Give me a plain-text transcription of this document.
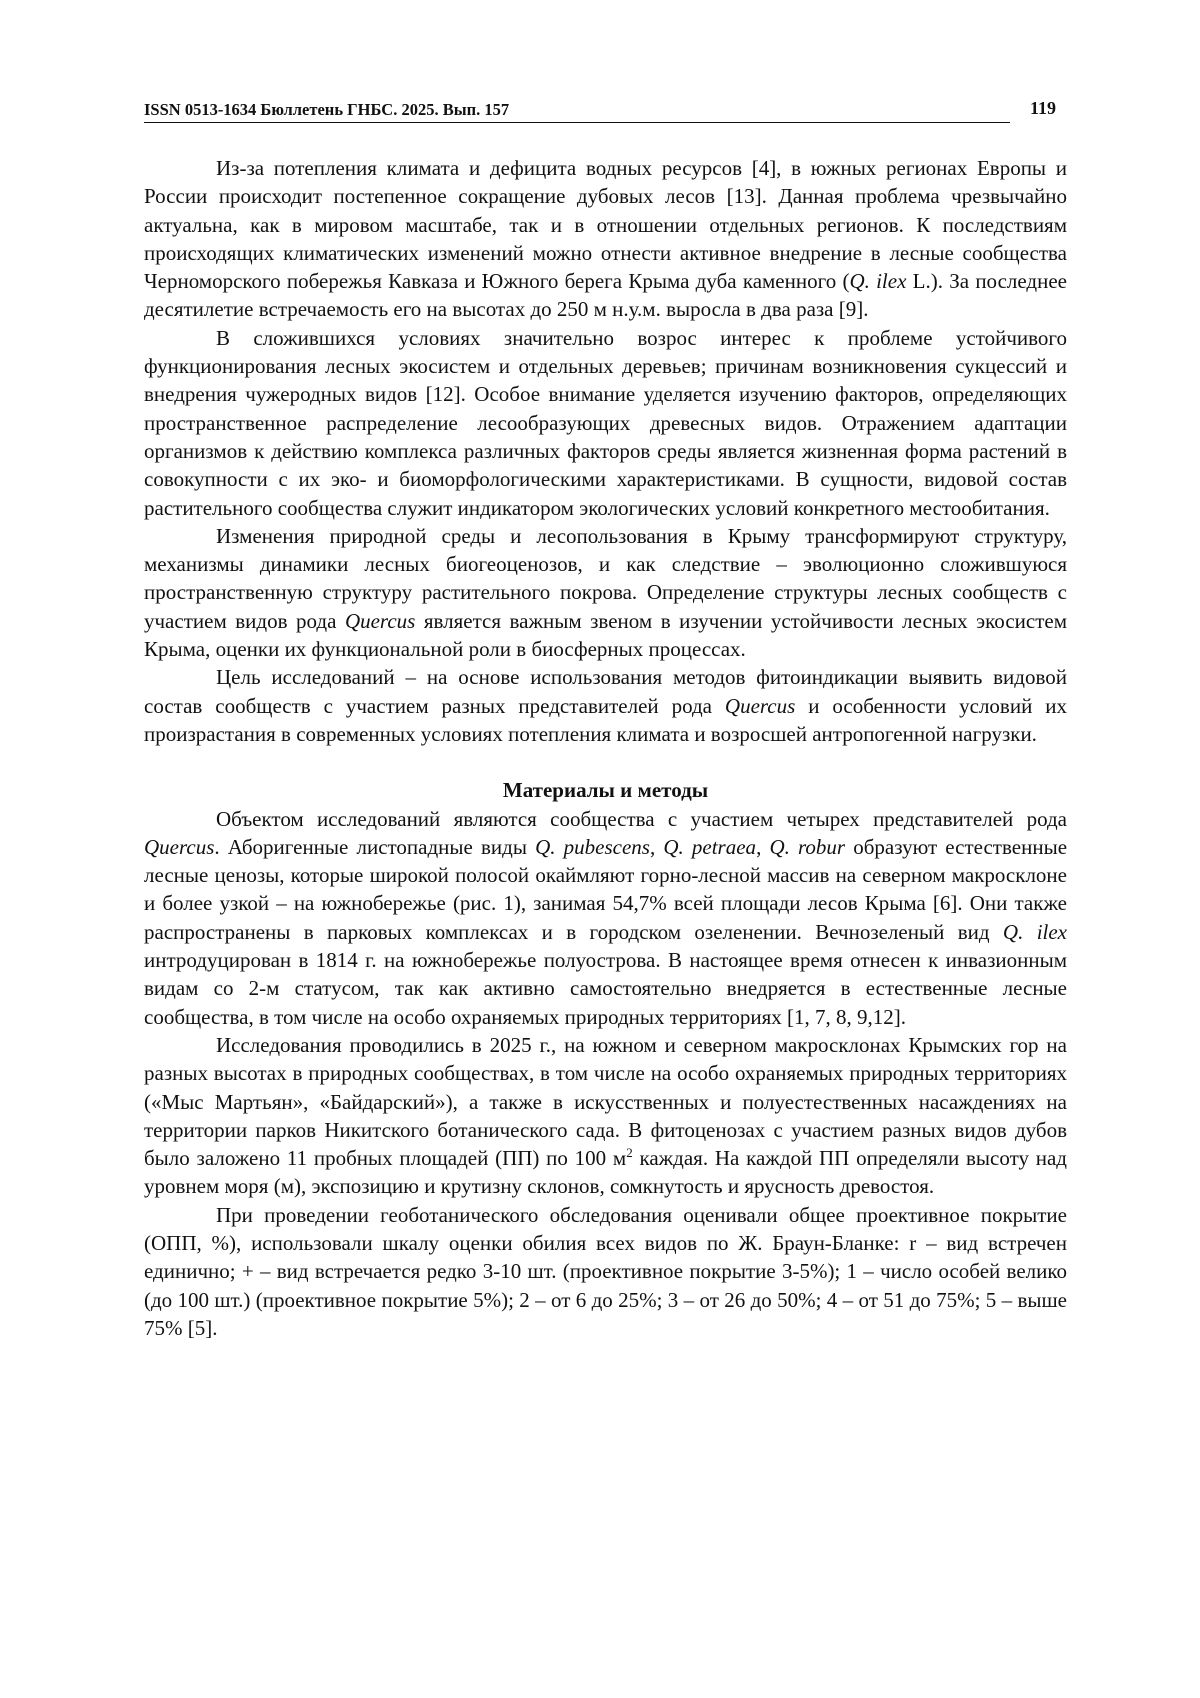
ISSN 0513-1634 Бюллетень ГНБС. 2025. Вып. 157	119

Из-за потепления климата и дефицита водных ресурсов [4], в южных регионах Европы и России происходит постепенное сокращение дубовых лесов [13]. Данная проблема чрезвычайно актуальна, как в мировом масштабе, так и в отношении отдельных регионов. К последствиям происходящих климатических изменений можно отнести активное внедрение в лесные сообщества Черноморского побережья Кавказа и Южного берега Крыма дуба каменного (Q. ilex L.). За последнее десятилетие встречаемость его на высотах до 250 м н.у.м. выросла в два раза [9].

В сложившихся условиях значительно возрос интерес к проблеме устойчивого функционирования лесных экосистем и отдельных деревьев; причинам возникновения сукцессий и внедрения чужеродных видов [12]. Особое внимание уделяется изучению факторов, определяющих пространственное распределение лесообразующих древесных видов. Отражением адаптации организмов к действию комплекса различных факторов среды является жизненная форма растений в совокупности с их эко- и биоморфологическими характеристиками. В сущности, видовой состав растительного сообщества служит индикатором экологических условий конкретного местообитания.

Изменения природной среды и лесопользования в Крыму трансформируют структуру, механизмы динамики лесных биогеоценозов, и как следствие – эволюционно сложившуюся пространственную структуру растительного покрова. Определение структуры лесных сообществ с участием видов рода Quercus является важным звеном в изучении устойчивости лесных экосистем Крыма, оценки их функциональной роли в биосферных процессах.

Цель исследований – на основе использования методов фитоиндикации выявить видовой состав сообществ с участием разных представителей рода Quercus и особенности условий их произрастания в современных условиях потепления климата и возросшей антропогенной нагрузки.

Материалы и методы

Объектом исследований являются сообщества с участием четырех представителей рода Quercus. Аборигенные листопадные виды Q. pubescens, Q. petraea, Q. robur образуют естественные лесные ценозы, которые широкой полосой окаймляют горно-лесной массив на северном макросклоне и более узкой – на южнобережье (рис. 1), занимая 54,7% всей площади лесов Крыма [6]. Они также распространены в парковых комплексах и в городском озеленении. Вечнозеленый вид Q. ilex интродуцирован в 1814 г. на южнобережье полуострова. В настоящее время отнесен к инвазионным видам со 2-м статусом, так как активно самостоятельно внедряется в естественные лесные сообщества, в том числе на особо охраняемых природных территориях [1, 7, 8, 9,12].

Исследования проводились в 2025 г., на южном и северном макросклонах Крымских гор на разных высотах в природных сообществах, в том числе на особо охраняемых природных территориях («Мыс Мартьян», «Байдарский»), а также в искусственных и полуестественных насаждениях на территории парков Никитского ботанического сада. В фитоценозах с участием разных видов дубов было заложено 11 пробных площадей (ПП) по 100 $м^2$ каждая. На каждой ПП определяли высоту над уровнем моря (м), экспозицию и крутизну склонов, сомкнутость и ярусность древостоя.

При проведении геоботанического обследования оценивали общее проективное покрытие (ОПП, %), использовали шкалу оценки обилия всех видов по Ж. Браун-Бланке: r – вид встречен единично; + – вид встречается редко 3-10 шт. (проективное покрытие 3-5%); 1 – число особей велико (до 100 шт.) (проективное покрытие 5%); 2 – от 6 до 25%; 3 – от 26 до 50%; 4 – от 51 до 75%; 5 – выше 75% [5].
